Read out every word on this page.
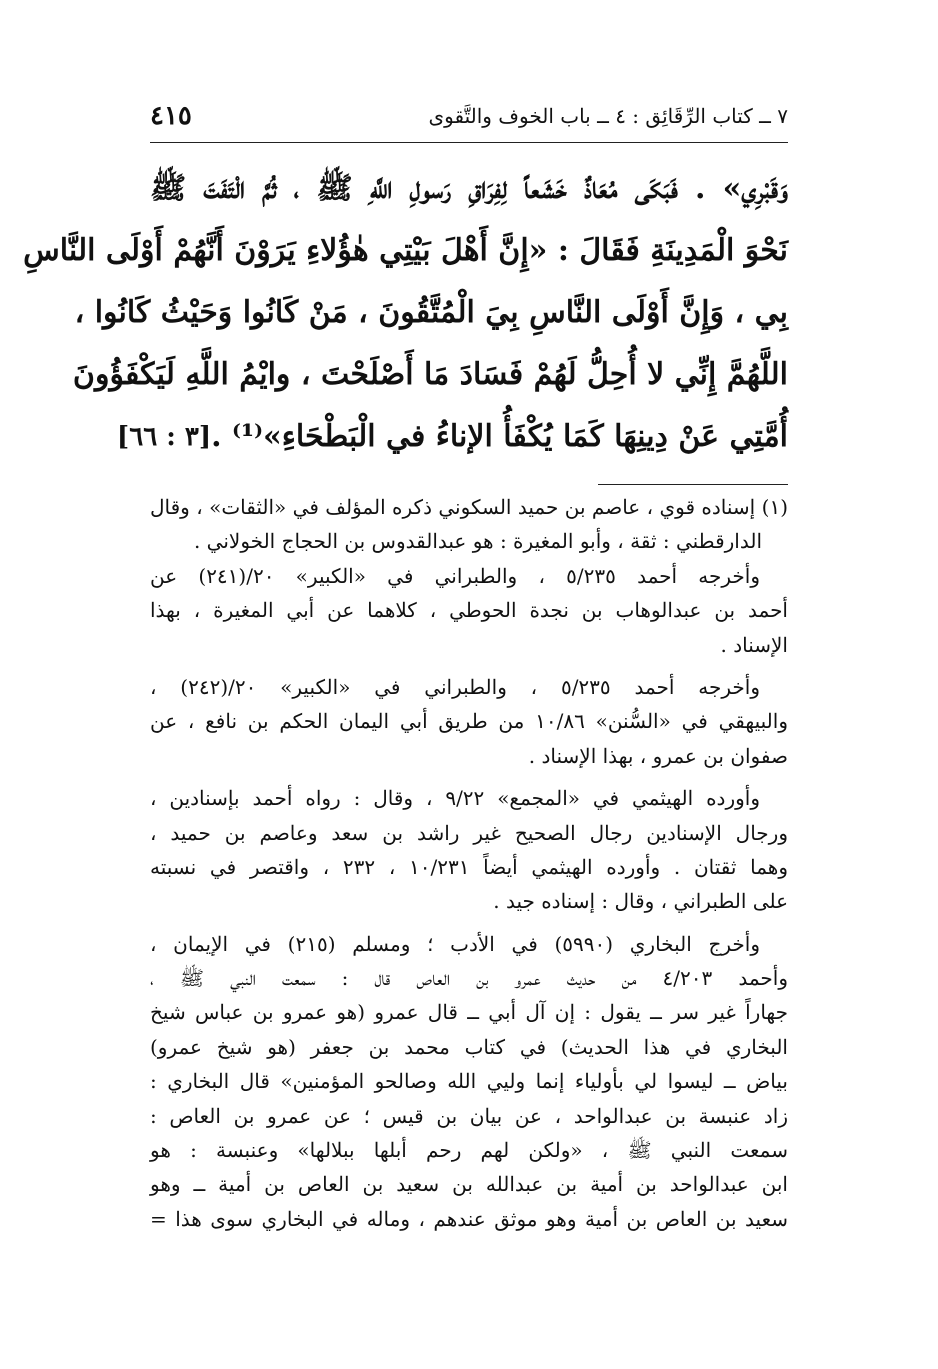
٧ ــ كتاب الرِّقَائِق : ٤ ــ باب الخوف والتَّقوى
٤١٥
وَقَبْرِي» . فَبَكَى مُعَاذٌ خَشَعاً لِفِرَاقِ رَسولِ اللَّهِ ﷺ ، ثُمَّ الْتَفَتَ ﷺ
نَحْوَ الْمَدِينَةِ فَقَالَ : «إِنَّ أَهْلَ بَيْتِي هٰؤُلاءِ يَرَوْنَ أَنَّهُمْ أَوْلَى النَّاسِ
بِي ، وَإِنَّ أَوْلَى النَّاسِ بِيَ الْمُتَّقُونَ ، مَنْ كَانُوا وَحَيْثُ كَانُوا ،
اللَّهُمَّ إِنِّي لا أُحِلُّ لَهُمْ فَسَادَ مَا أَصْلَحْتَ ، وايْمُ اللَّهِ لَيَكْفَؤُونَ
أُمَّتِي عَنْ دِينِهَا كَمَا يُكْفَأُ الإناءُ في الْبَطْحَاءِ»⁽¹⁾ .
[٣ : ٦٦]
(١) إسناده قوي ، عاصم بن حميد السكوني ذكره المؤلف في «الثقات» ، وقال
الدارقطني : ثقة ، وأبو المغيرة : هو عبدالقدوس بن الحجاج الخولاني .
وأخرجه أحمد ٥/٢٣٥ ، والطبراني في «الكبير» ٢٠/(٢٤١) عن
أحمد بن عبدالوهاب بن نجدة الحوطي ، كلاهما عن أبي المغيرة ، بهذا
الإسناد .
وأخرجه أحمد ٥/٢٣٥ ، والطبراني في «الكبير» ٢٠/(٢٤٢) ،
والبيهقي في «السُّنن» ١٠/٨٦ من طريق أبي اليمان الحكم بن نافع ، عن
صفوان بن عمرو ، بهذا الإسناد .
وأورده الهيثمي في «المجمع» ٩/٢٢ ، وقال : رواه أحمد بإسنادين ،
ورجال الإسنادين رجال الصحيح غير راشد بن سعد وعاصم بن حميد ،
وهما ثقتان . وأورده الهيثمي أيضاً ١٠/٢٣١ ، ٢٣٢ ، واقتصر في نسبته
على الطبراني ، وقال : إسناده جيد .
وأخرج البخاري (٥٩٩٠) في الأدب ؛ ومسلم (٢١٥) في الإيمان ،
وأحمد ٤/٢٠٣ من حديث عمرو بن العاص قال : سمعت النبي ﷺ ،
جهاراً غير سر ــ يقول : إن آل أبي ــ قال عمرو (هو عمرو بن عباس شيخ
البخاري في هذا الحديث) في كتاب محمد بن جعفر (هو شيخ عمرو)
بياض ــ ليسوا لي بأولياء إنما وليي الله وصالحو المؤمنين» قال البخاري :
زاد عنبسة بن عبدالواحد ، عن بيان بن قيس ؛ عن عمرو بن العاص :
سمعت النبي ﷺ ، «ولكن لهم رحم أبلها ببلالها» وعنبسة : هو
ابن عبدالواحد بن أمية بن عبدالله بن سعيد بن العاص بن أمية ــ وهو
سعيد بن العاص بن أمية وهو موثق عندهم ، وماله في البخاري سوى هذا =
